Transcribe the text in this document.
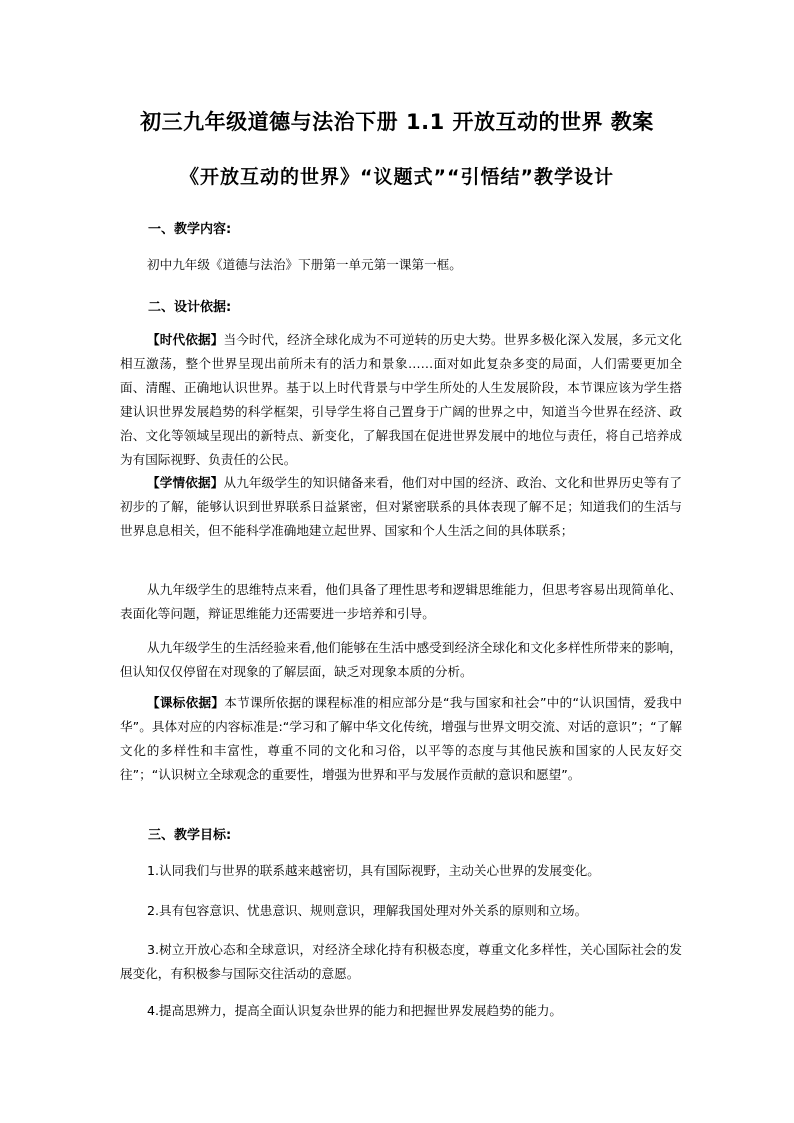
初三九年级道德与法治下册 1.1 开放互动的世界 教案
《开放互动的世界》“议题式”“引悟结”教学设计
一、教学内容:

初中九年级《道德与法治》下册第一单元第一课第一框。

二、设计依据:

【时代依据】当今时代，经济全球化成为不可逆转的历史大势。世界多极化深入发展，多元文化相互激荡，整个世界呈现出前所未有的活力和景象……面对如此复杂多变的局面，人们需要更加全面、清醒、正确地认识世界。基于以上时代背景与中学生所处的人生发展阶段，本节课应该为学生搭建认识世界发展趋势的科学框架，引导学生将自己置身于广阔的世界之中，知道当今世界在经济、政治、文化等领域呈现出的新特点、新变化，了解我国在促进世界发展中的地位与责任，将自己培养成为有国际视野、负责任的公民。

【学情依据】从九年级学生的知识储备来看，他们对中国的经济、政治、文化和世界历史等有了初步的了解，能够认识到世界联系日益紧密，但对紧密联系的具体表现了解不足；知道我们的生活与世界息息相关，但不能科学准确地建立起世界、国家和个人生活之间的具体联系；

从九年级学生的思维特点来看，他们具备了理性思考和逻辑思维能力，但思考容易出现简单化、表面化等问题，辩证思维能力还需要进一步培养和引导。

从九年级学生的生活经验来看,他们能够在生活中感受到经济全球化和文化多样性所带来的影响，但认知仅仅停留在对现象的了解层面，缺乏对现象本质的分析。

【课标依据】本节课所依据的课程标准的相应部分是“我与国家和社会”中的“认识国情，爱我中华”。具体对应的内容标准是:“学习和了解中华文化传统，增强与世界文明交流、对话的意识”；“了解文化的多样性和丰富性，尊重不同的文化和习俗，以平等的态度与其他民族和国家的人民友好交往”；“认识树立全球观念的重要性，增强为世界和平与发展作贡献的意识和愿望”。

三、教学目标:

1.认同我们与世界的联系越来越密切，具有国际视野，主动关心世界的发展变化。

2.具有包容意识、忧患意识、规则意识，理解我国处理对外关系的原则和立场。

3.树立开放心态和全球意识，对经济全球化持有积极态度，尊重文化多样性，关心国际社会的发展变化，有积极参与国际交往活动的意愿。

4.提高思辨力，提高全面认识复杂世界的能力和把握世界发展趋势的能力。
